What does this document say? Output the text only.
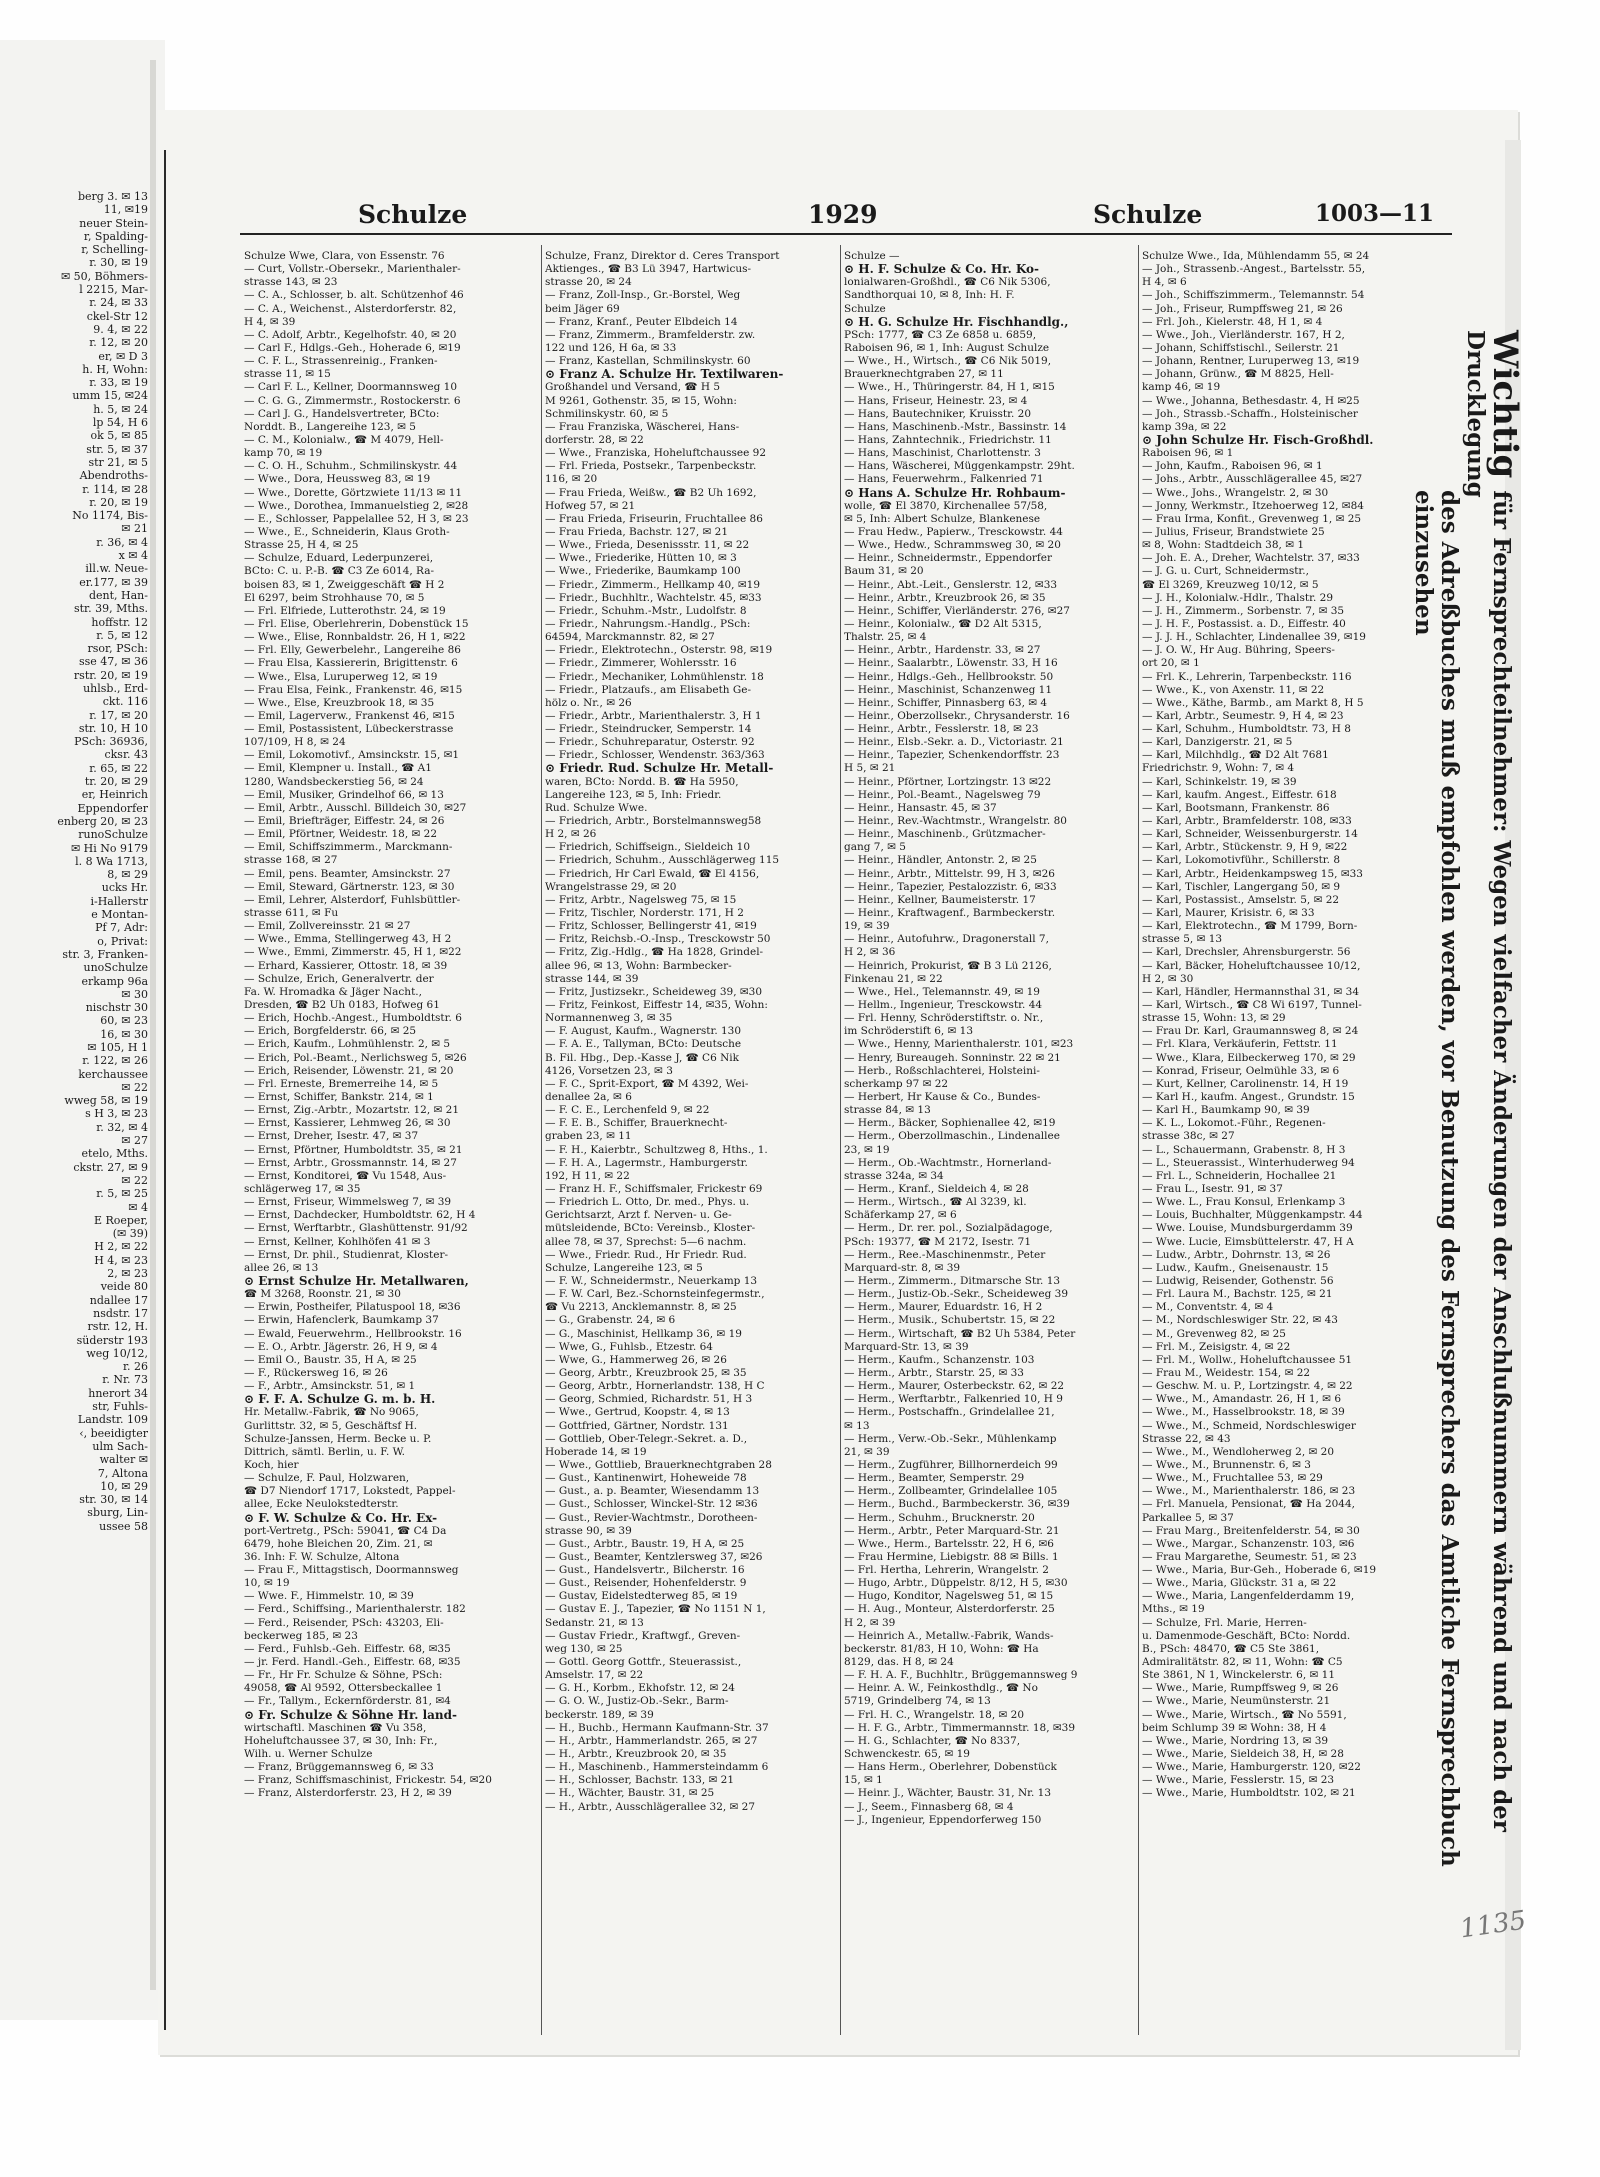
berg 3. ✉ 13
11, ✉19
neuer Stein-
r, Spalding-
r, Schelling-
r. 30, ✉ 19
✉ 50, Böhmers-
l 2215, Mar-
r. 24, ✉ 33
ckel-Str 12
9. 4, ✉ 22
r. 12, ✉ 20
er, ✉ D 3
h. H, Wohn:
r. 33, ✉ 19
umm 15, ✉24
h. 5, ✉ 24
lp 54, H 6
ok 5, ✉ 85
str. 5, ✉ 37
str 21, ✉ 5
Abendroths-
r. 114, ✉ 28
r. 20, ✉ 19
No 1174, Bis-
✉ 21
r. 36, ✉ 4
x ✉ 4
ill.w. Neue-
er.177, ✉ 39
dent, Han-
str. 39, Mths.
hoffstr. 12
r. 5, ✉ 12
rsor, PSch:
sse 47, ✉ 36
rstr. 20, ✉ 19
uhlsb., Erd-
ckt. 116
r. 17, ✉ 20
str. 10, H 10
PSch: 36936,
cksr. 43
r. 65, ✉ 22
tr. 20, ✉ 29
er, Heinrich
Eppendorfer
enberg 20, ✉ 23
runoSchulze
✉ Hi No 9179
l. 8 Wa 1713,
8, ✉ 29
ucks Hr.
i-Hallerstr
e Montan-
Pf 7, Adr:
o, Privat:
str. 3, Franken-
unoSchulze
erkamp 96a
✉ 30
nischstr 30
60, ✉ 23
16, ✉ 30
✉ 105, H 1
r. 122, ✉ 26
kerchaussee
✉ 22
wweg 58, ✉ 19
s H 3, ✉ 23
r. 32, ✉ 4
✉ 27
etelo, Mths.
ckstr. 27, ✉ 9
✉ 22
r. 5, ✉ 25
✉ 4
E Roeper,
(✉ 39)
H 2, ✉ 22
H 4, ✉ 23
2, ✉ 23
veide 80
ndallee 17
nsdstr. 17
rstr. 12, H.
süderstr 193
weg 10/12,
r. 26
r. Nr. 73
hnerort 34
str, Fuhls-
Landstr. 109
‹, beeidigter
ulm Sach-
walter ✉
7, Altona
10, ✉ 29
str. 30, ✉ 14
sburg, Lin-
ussee 58
Schulze	1929	Schulze	1003—11
Schulze Wwe, Clara, von Essenstr. 76
— Curt, Vollstr.-Obersekr., Marienthaler-
strasse 143, ✉ 23
— C. A., Schlosser, b. alt. Schützenhof 46
— C. A., Weichenst., Alsterdorferstr. 82,
H 4, ✉ 39
— C. Adolf, Arbtr., Kegelhofstr. 40, ✉ 20
— Carl F., Hdlgs.-Geh., Hoherade 6, ✉19
— C. F. L., Strassenreinig., Franken-
strasse 11, ✉ 15
— Carl F. L., Kellner, Doormannsweg 10
— C. G. G., Zimmermstr., Rostockerstr. 6
— Carl J. G., Handelsvertreter, BCto:
Norddt. B., Langereihe 123, ✉ 5
— C. M., Kolonialw., ☎ M 4079, Hell-
kamp 70, ✉ 19
— C. O. H., Schuhm., Schmilinskystr. 44
— Wwe., Dora, Heussweg 83, ✉ 19
— Wwe., Dorette, Görtzwiete 11/13 ✉ 11
— Wwe., Dorothea, Immanuelstieg 2, ✉28
— E., Schlosser, Pappelallee 52, H 3, ✉ 23
— Wwe., E., Schneiderin, Klaus Groth-
Strasse 25, H 4, ✉ 25
— Schulze, Eduard, Lederpunzerei,
BCto: C. u. P.-B. ☎ C3 Ze 6014, Ra-
boisen 83, ✉ 1, Zweiggeschäft ☎ H 2
El 6297, beim Strohhause 70, ✉ 5
— Frl. Elfriede, Lutterothstr. 24, ✉ 19
— Frl. Elise, Oberlehrerin, Dobenstück 15
— Wwe., Elise, Ronnbaldstr. 26, H 1, ✉22
— Frl. Elly, Gewerbelehr., Langereihe 86
— Frau Elsa, Kassiererin, Brigittenstr. 6
— Wwe., Elsa, Luruperweg 12, ✉ 19
— Frau Elsa, Feink., Frankenstr. 46, ✉15
— Wwe., Else, Kreuzbrook 18, ✉ 35
— Emil, Lagerverw., Frankenst 46, ✉15
— Emil, Postassistent, Lübeckerstrasse
107/109, H 8, ✉ 24
— Emil, Lokomotivf., Amsinckstr. 15, ✉1
— Emil, Klempner u. Install., ☎ A1
1280, Wandsbeckerstieg 56, ✉ 24
— Emil, Musiker, Grindelhof 66, ✉ 13
— Emil, Arbtr., Ausschl. Billdeich 30, ✉27
— Emil, Briefträger, Eiffestr. 24, ✉ 26
— Emil, Pförtner, Weidestr. 18, ✉ 22
— Emil, Schiffszimmerm., Marckmann-
strasse 168, ✉ 27
— Emil, pens. Beamter, Amsinckstr. 27
— Emil, Steward, Gärtnerstr. 123, ✉ 30
— Emil, Lehrer, Alsterdorf, Fuhlsbüttler-
strasse 611, ✉ Fu
— Emil, Zollvereinsstr. 21 ✉ 27
— Wwe., Emma, Stellingerweg 43, H 2
— Wwe., Emmi, Zimmerstr. 45, H 1, ✉22
— Erhard, Kassierer, Ottostr. 18, ✉ 39
— Schulze, Erich, Generalvertr. der
Fa. W. Hromadka & Jäger Nacht.,
Dresden, ☎ B2 Uh 0183, Hofweg 61
— Erich, Hochb.-Angest., Humboldtstr. 6
— Erich, Borgfelderstr. 66, ✉ 25
— Erich, Kaufm., Lohmühlenstr. 2, ✉ 5
— Erich, Pol.-Beamt., Nerlichsweg 5, ✉26
— Erich, Reisender, Löwenstr. 21, ✉ 20
— Frl. Erneste, Bremerreihe 14, ✉ 5
— Ernst, Schiffer, Bankstr. 214, ✉ 1
— Ernst, Zig.-Arbtr., Mozartstr. 12, ✉ 21
— Ernst, Kassierer, Lehmweg 26, ✉ 30
— Ernst, Dreher, Isestr. 47, ✉ 37
— Ernst, Pförtner, Humboldtstr. 35, ✉ 21
— Ernst, Arbtr., Grossmannstr. 14, ✉ 27
— Ernst, Konditorei, ☎ Vu 1548, Aus-
schlägerweg 17, ✉ 35
— Ernst, Friseur, Wimmelsweg 7, ✉ 39
— Ernst, Dachdecker, Humboldtstr. 62, H 4
— Ernst, Werftarbtr., Glashüttenstr. 91/92
— Ernst, Kellner, Kohlhöfen 41 ✉ 3
— Ernst, Dr. phil., Studienrat, Kloster-
allee 26, ✉ 13
⊙ Ernst Schulze Hr. Metallwaren,
☎ M 3268, Roonstr. 21, ✉ 30
— Erwin, Postheifer, Pilatuspool 18, ✉36
— Erwin, Hafenclerk, Baumkamp 37
— Ewald, Feuerwehrm., Hellbrookstr. 16
— E. O., Arbtr. Jägerstr. 26, H 9, ✉ 4
— Emil O., Baustr. 35, H A, ✉ 25
— F., Rückersweg 16, ✉ 26
— F., Arbtr., Amsinckstr. 51, ✉ 1
⊙ F. F. A. Schulze G. m. b. H.
Hr. Metallw.-Fabrik, ☎ No 9065,
Gurlittstr. 32, ✉ 5, Geschäftsf H.
Schulze-Janssen, Herm. Becke u. P.
Dittrich, sämtl. Berlin, u. F. W.
Koch, hier
— Schulze, F. Paul, Holzwaren,
☎ D7 Niendorf 1717, Lokstedt, Pappel-
allee, Ecke Neulokstedterstr.
⊙ F. W. Schulze & Co. Hr. Ex-
port-Vertretg., PSch: 59041, ☎ C4 Da
6479, hohe Bleichen 20, Zim. 21, ✉
36. Inh: F. W. Schulze, Altona
— Frau F., Mittagstisch, Doormannsweg
10, ✉ 19
— Wwe. F., Himmelstr. 10, ✉ 39
— Ferd., Schiffsing., Marienthalerstr. 182
— Ferd., Reisender, PSch: 43203, Eli-
beckerweg 185, ✉ 23
— Ferd., Fuhlsb.-Geh. Eiffestr. 68, ✉35
— jr. Ferd. Handl.-Geh., Eiffestr. 68, ✉35
— Fr., Hr Fr. Schulze & Söhne, PSch:
49058, ☎ Al 9592, Ottersbeckallee 1
— Fr., Tallym., Eckernförderstr. 81, ✉4
⊙ Fr. Schulze & Söhne Hr. land-
wirtschaftl. Maschinen ☎ Vu 358,
Hoheluftchaussee 37, ✉ 30, Inh: Fr.,
Wilh. u. Werner Schulze
— Franz, Brüggemannsweg 6, ✉ 33
— Franz, Schiffsmaschinist, Frickestr. 54, ✉20
— Franz, Alsterdorferstr. 23, H 2, ✉ 39
Schulze, Franz, Direktor d. Ceres Transport
Aktienges., ☎ B3 Lü 3947, Hartwicus-
strasse 20, ✉ 24
— Franz, Zoll-Insp., Gr.-Borstel, Weg
beim Jäger 69
— Franz, Kranf., Peuter Elbdeich 14
— Franz, Zimmerm., Bramfelderstr. zw.
122 und 126, H 6a, ✉ 33
— Franz, Kastellan, Schmilinskystr. 60
⊙ Franz A. Schulze Hr. Textilwaren-
Großhandel und Versand, ☎ H 5
M 9261, Gothenstr. 35, ✉ 15, Wohn:
Schmilinskystr. 60, ✉ 5
— Frau Franziska, Wäscherei, Hans-
dorferstr. 28, ✉ 22
— Wwe., Franziska, Hoheluftchaussee 92
— Frl. Frieda, Postsekr., Tarpenbeckstr.
116, ✉ 20
— Frau Frieda, Weißw., ☎ B2 Uh 1692,
Hofweg 57, ✉ 21
— Frau Frieda, Friseurin, Fruchtallee 86
— Frau Frieda, Bachstr. 127, ✉ 21
— Wwe., Frieda, Desenissstr. 11, ✉ 22
— Wwe., Friederike, Hütten 10, ✉ 3
— Wwe., Friederike, Baumkamp 100
— Friedr., Zimmerm., Hellkamp 40, ✉19
— Friedr., Buchhltr., Wachtelstr. 45, ✉33
— Friedr., Schuhm.-Mstr., Ludolfstr. 8
— Friedr., Nahrungsm.-Handlg., PSch:
64594, Marckmannstr. 82, ✉ 27
— Friedr., Elektrotechn., Osterstr. 98, ✉19
— Friedr., Zimmerer, Wohlersstr. 16
— Friedr., Mechaniker, Lohmühlenstr. 18
— Friedr., Platzaufs., am Elisabeth Ge-
hölz o. Nr., ✉ 26
— Friedr., Arbtr., Marienthalerstr. 3, H 1
— Friedr., Steindrucker, Semperstr. 14
— Friedr., Schuhreparatur, Osterstr. 92
— Friedr., Schlosser, Wendenstr. 363/363
⊙ Friedr. Rud. Schulze Hr. Metall-
waren, BCto: Nordd. B. ☎ Ha 5950,
Langereihe 123, ✉ 5, Inh: Friedr.
Rud. Schulze Wwe.
— Friedrich, Arbtr., Borstelmannsweg58
H 2, ✉ 26
— Friedrich, Schiffseign., Sieldeich 10
— Friedrich, Schuhm., Ausschlägerweg 115
— Friedrich, Hr Carl Ewald, ☎ El 4156,
Wrangelstrasse 29, ✉ 20
— Fritz, Arbtr., Nagelsweg 75, ✉ 15
— Fritz, Tischler, Norderstr. 171, H 2
— Fritz, Schlosser, Bellingerstr 41, ✉19
— Fritz, Reichsb.-O.-Insp., Tresckowstr 50
— Fritz, Zig.-Hdlg., ☎ Ha 1828, Grindel-
allee 96, ✉ 13, Wohn: Barmbecker-
strasse 144, ✉ 39
— Fritz, Justizsekr., Scheideweg 39, ✉30
— Fritz, Feinkost, Eiffestr 14, ✉35, Wohn:
Normannenweg 3, ✉ 35
— F. August, Kaufm., Wagnerstr. 130
— F. A. E., Tallyman, BCto: Deutsche
B. Fil. Hbg., Dep.-Kasse J, ☎ C6 Nik
4126, Vorsetzen 23, ✉ 3
— F. C., Sprit-Export, ☎ M 4392, Wei-
denallee 2a, ✉ 6
— F. C. E., Lerchenfeld 9, ✉ 22
— F. E. B., Schiffer, Brauerknecht-
graben 23, ✉ 11
— F. H., Kaierbtr., Schultzweg 8, Hths., 1.
— F. H. A., Lagermstr., Hamburgerstr.
192, H 11, ✉ 22
— Franz H. F., Schiffsmaler, Frickestr 69
— Friedrich L. Otto, Dr. med., Phys. u.
Gerichtsarzt, Arzt f. Nerven- u. Ge-
mütsleidende, BCto: Vereinsb., Kloster-
allee 78, ✉ 37, Sprechst: 5—6 nachm.
— Wwe., Friedr. Rud., Hr Friedr. Rud.
Schulze, Langereihe 123, ✉ 5
— F. W., Schneidermstr., Neuerkamp 13
— F. W. Carl, Bez.-Schornsteinfegermstr.,
☎ Vu 2213, Ancklemannstr. 8, ✉ 25
— G., Grabenstr. 24, ✉ 6
— G., Maschinist, Hellkamp 36, ✉ 19
— Wwe, G., Fuhlsb., Etzestr. 64
— Wwe, G., Hammerweg 26, ✉ 26
— Georg, Arbtr., Kreuzbrook 25, ✉ 35
— Georg, Arbtr., Hornerlandstr. 138, H C
— Georg, Schmied, Richardstr. 51, H 3
— Wwe., Gertrud, Koopstr. 4, ✉ 13
— Gottfried, Gärtner, Nordstr. 131
— Gottlieb, Ober-Telegr.-Sekret. a. D.,
Hoberade 14, ✉ 19
— Wwe., Gottlieb, Brauerknechtgraben 28
— Gust., Kantinenwirt, Hoheweide 78
— Gust., a. p. Beamter, Wiesendamm 13
— Gust., Schlosser, Winckel-Str. 12 ✉36
— Gust., Revier-Wachtmstr., Dorotheen-
strasse 90, ✉ 39
— Gust., Arbtr., Baustr. 19, H A, ✉ 25
— Gust., Beamter, Kentzlersweg 37, ✉26
— Gust., Handelsvertr., Bilcherstr. 16
— Gust., Reisender, Hohenfelderstr. 9
— Gustav, Eidelstedterweg 85, ✉ 19
— Gustav E. J., Tapezier, ☎ No 1151 N 1,
Sedanstr. 21, ✉ 13
— Gustav Friedr., Kraftwgf., Greven-
weg 130, ✉ 25
— Gottl. Georg Gottfr., Steuerassist.,
Amselstr. 17, ✉ 22
— G. H., Korbm., Ekhofstr. 12, ✉ 24
— G. O. W., Justiz-Ob.-Sekr., Barm-
beckerstr. 189, ✉ 39
— H., Buchb., Hermann Kaufmann-Str. 37
— H., Arbtr., Hammerlandstr. 265, ✉ 27
— H., Arbtr., Kreuzbrook 20, ✉ 35
— H., Maschinenb., Hammersteindamm 6
— H., Schlosser, Bachstr. 133, ✉ 21
— H., Wächter, Baustr. 31, ✉ 25
— H., Arbtr., Ausschlägerallee 32, ✉ 27
Schulze —
⊙ H. F. Schulze & Co. Hr. Ko-
lonialwaren-Großhdl., ☎ C6 Nik 5306,
Sandthorquai 10, ✉ 8, Inh: H. F.
Schulze
⊙ H. G. Schulze Hr. Fischhandlg.,
PSch: 1777, ☎ C3 Ze 6858 u. 6859,
Raboisen 96, ✉ 1, Inh: August Schulze
— Wwe., H., Wirtsch., ☎ C6 Nik 5019,
Brauerknechtgraben 27, ✉ 11
— Wwe., H., Thüringerstr. 84, H 1, ✉15
— Hans, Friseur, Heinestr. 23, ✉ 4
— Hans, Bautechniker, Kruisstr. 20
— Hans, Maschinenb.-Mstr., Bassinstr. 14
— Hans, Zahntechnik., Friedrichstr. 11
— Hans, Maschinist, Charlottenstr. 3
— Hans, Wäscherei, Müggenkampstr. 29ht.
— Hans, Feuerwehrm., Falkenried 71
⊙ Hans A. Schulze Hr. Rohbaum-
wolle, ☎ El 3870, Kirchenallee 57/58,
✉ 5, Inh: Albert Schulze, Blankenese
— Frau Hedw., Papierw., Tresckowstr. 44
— Wwe., Hedw., Schrammsweg 30, ✉ 20
— Heinr., Schneidermstr., Eppendorfer
Baum 31, ✉ 20
— Heinr., Abt.-Leit., Genslerstr. 12, ✉33
— Heinr., Arbtr., Kreuzbrook 26, ✉ 35
— Heinr., Schiffer, Vierländerstr. 276, ✉27
— Heinr., Kolonialw., ☎ D2 Alt 5315,
Thalstr. 25, ✉ 4
— Heinr., Arbtr., Hardenstr. 33, ✉ 27
— Heinr., Saalarbtr., Löwenstr. 33, H 16
— Heinr., Hdlgs.-Geh., Hellbrookstr. 50
— Heinr., Maschinist, Schanzenweg 11
— Heinr., Schiffer, Pinnasberg 63, ✉ 4
— Heinr., Oberzollsekr., Chrysanderstr. 16
— Heinr., Arbtr., Fesslerstr. 18, ✉ 23
— Heinr., Elsb.-Sekr. a. D., Victoriastr. 21
— Heinr., Tapezier, Schenkendorffstr. 23
H 5, ✉ 21
— Heinr., Pförtner, Lortzingstr. 13 ✉22
— Heinr., Pol.-Beamt., Nagelsweg 79
— Heinr., Hansastr. 45, ✉ 37
— Heinr., Rev.-Wachtmstr., Wrangelstr. 80
— Heinr., Maschinenb., Grützmacher-
gang 7, ✉ 5
— Heinr., Händler, Antonstr. 2, ✉ 25
— Heinr., Arbtr., Mittelstr. 99, H 3, ✉26
— Heinr., Tapezier, Pestalozzistr. 6, ✉33
— Heinr., Kellner, Baumeisterstr. 17
— Heinr., Kraftwagenf., Barmbeckerstr.
19, ✉ 39
— Heinr., Autofuhrw., Dragonerstall 7,
H 2, ✉ 36
— Heinrich, Prokurist, ☎ B 3 Lü 2126,
Finkenau 21, ✉ 22
— Wwe., Hel., Telemannstr. 49, ✉ 19
— Hellm., Ingenieur, Tresckowstr. 44
— Frl. Henny, Schröderstiftstr. o. Nr.,
im Schröderstift 6, ✉ 13
— Wwe., Henny, Marienthalerstr. 101, ✉23
— Henry, Bureaugeh. Sonninstr. 22 ✉ 21
— Herb., Roßschlachterei, Holsteini-
scherkamp 97 ✉ 22
— Herbert, Hr Kause & Co., Bundes-
strasse 84, ✉ 13
— Herm., Bäcker, Sophienallee 42, ✉19
— Herm., Oberzollmaschin., Lindenallee
23, ✉ 19
— Herm., Ob.-Wachtmstr., Hornerland-
strasse 324a, ✉ 34
— Herm., Kranf., Sieldeich 4, ✉ 28
— Herm., Wirtsch., ☎ Al 3239, kl.
Schäferkamp 27, ✉ 6
— Herm., Dr. rer. pol., Sozialpädagoge,
PSch: 19377, ☎ M 2172, Isestr. 71
— Herm., Ree.-Maschinenmstr., Peter
Marquard-str. 8, ✉ 39
— Herm., Zimmerm., Ditmarsche Str. 13
— Herm., Justiz-Ob.-Sekr., Scheideweg 39
— Herm., Maurer, Eduardstr. 16, H 2
— Herm., Musik., Schubertstr. 15, ✉ 22
— Herm., Wirtschaft, ☎ B2 Uh 5384, Peter
Marquard-Str. 13, ✉ 39
— Herm., Kaufm., Schanzenstr. 103
— Herm., Arbtr., Starstr. 25, ✉ 33
— Herm., Maurer, Osterbeckstr. 62, ✉ 22
— Herm., Werftarbtr., Falkenried 10, H 9
— Herm., Postschaffn., Grindelallee 21,
✉ 13
— Herm., Verw.-Ob.-Sekr., Mühlenkamp
21, ✉ 39
— Herm., Zugführer, Billhornerdeich 99
— Herm., Beamter, Semperstr. 29
— Herm., Zollbeamter, Grindelallee 105
— Herm., Buchd., Barmbeckerstr. 36, ✉39
— Herm., Schuhm., Brucknerstr. 20
— Herm., Arbtr., Peter Marquard-Str. 21
— Wwe., Herm., Bartelsstr. 22, H 6, ✉6
— Frau Hermine, Liebigstr. 88 ✉ Bills. 1
— Frl. Hertha, Lehrerin, Wrangelstr. 2
— Hugo, Arbtr., Düppelstr. 8/12, H 5, ✉30
— Hugo, Konditor, Nagelsweg 51, ✉ 15
— H. Aug., Monteur, Alsterdorferstr. 25
H 2, ✉ 39
— Heinrich A., Metallw.-Fabrik, Wands-
beckerstr. 81/83, H 10, Wohn: ☎ Ha
8129, das. H 8, ✉ 24
— F. H. A. F., Buchhltr., Brüggemannsweg 9
— Heinr. A. W., Feinkosthdlg., ☎ No
5719, Grindelberg 74, ✉ 13
— Frl. H. C., Wrangelstr. 18, ✉ 20
— H. F. G., Arbtr., Timmermannstr. 18, ✉39
— H. G., Schlachter, ☎ No 8337,
Schwenckestr. 65, ✉ 19
— Hans Herm., Oberlehrer, Dobenstück
15, ✉ 1
— Heinr. J., Wächter, Baustr. 31, Nr. 13
— J., Seem., Finnasberg 68, ✉ 4
— J., Ingenieur, Eppendorferweg 150
Schulze Wwe., Ida, Mühlendamm 55, ✉ 24
— Joh., Strassenb.-Angest., Bartelsstr. 55,
H 4, ✉ 6
— Joh., Schiffszimmerm., Telemannstr. 54
— Joh., Friseur, Rumpffsweg 21, ✉ 26
— Frl. Joh., Kielerstr. 48, H 1, ✉ 4
— Wwe., Joh., Vierländerstr. 167, H 2,
— Johann, Schiffstischl., Seilerstr. 21
— Johann, Rentner, Luruperweg 13, ✉19
— Johann, Grünw., ☎ M 8825, Hell-
kamp 46, ✉ 19
— Wwe., Johanna, Bethesdastr. 4, H ✉25
— Joh., Strassb.-Schaffn., Holsteinischer
kamp 39a, ✉ 22
⊙ John Schulze Hr. Fisch-Großhdl.
Raboisen 96, ✉ 1
— John, Kaufm., Raboisen 96, ✉ 1
— Johs., Arbtr., Ausschlägerallee 45, ✉27
— Wwe., Johs., Wrangelstr. 2, ✉ 30
— Jonny, Werkmstr., Itzehoerweg 12, ✉84
— Frau Irma, Konfit., Grevenweg 1, ✉ 25
— Julius, Friseur, Brandstwiete 25
✉ 8, Wohn: Stadtdeich 38, ✉ 1
— Joh. E. A., Dreher, Wachtelstr. 37, ✉33
— J. G. u. Curt, Schneidermstr.,
☎ El 3269, Kreuzweg 10/12, ✉ 5
— J. H., Kolonialw.-Hdlr., Thalstr. 29
— J. H., Zimmerm., Sorbenstr. 7, ✉ 35
— J. H. F., Postassist. a. D., Eiffestr. 40
— J. J. H., Schlachter, Lindenallee 39, ✉19
— J. O. W., Hr Aug. Bühring, Speers-
ort 20, ✉ 1
— Frl. K., Lehrerin, Tarpenbeckstr. 116
— Wwe., K., von Axenstr. 11, ✉ 22
— Wwe., Käthe, Barmb., am Markt 8, H 5
— Karl, Arbtr., Seumestr. 9, H 4, ✉ 23
— Karl, Schuhm., Humboldtstr. 73, H 8
— Karl, Danzigerstr. 21, ✉ 5
— Karl, Milchhdlg., ☎ D2 Alt 7681
Friedrichstr. 9, Wohn: 7, ✉ 4
— Karl, Schinkelstr. 19, ✉ 39
— Karl, kaufm. Angest., Eiffestr. 618
— Karl, Bootsmann, Frankenstr. 86
— Karl, Arbtr., Bramfelderstr. 108, ✉33
— Karl, Schneider, Weissenburgerstr. 14
— Karl, Arbtr., Stückenstr. 9, H 9, ✉22
— Karl, Lokomotivführ., Schillerstr. 8
— Karl, Arbtr., Heidenkampsweg 15, ✉33
— Karl, Tischler, Langergang 50, ✉ 9
— Karl, Postassist., Amselstr. 5, ✉ 22
— Karl, Maurer, Krisistr. 6, ✉ 33
— Karl, Elektrotechn., ☎ M 1799, Born-
strasse 5, ✉ 13
— Karl, Drechsler, Ahrensburgerstr. 56
— Karl, Bäcker, Hoheluftchaussee 10/12,
H 2, ✉ 30
— Karl, Händler, Hermannsthal 31, ✉ 34
— Karl, Wirtsch., ☎ C8 Wi 6197, Tunnel-
strasse 15, Wohn: 13, ✉ 29
— Frau Dr. Karl, Graumannsweg 8, ✉ 24
— Frl. Klara, Verkäuferin, Fettstr. 11
— Wwe., Klara, Eilbeckerweg 170, ✉ 29
— Konrad, Friseur, Oelmühle 33, ✉ 6
— Kurt, Kellner, Carolinenstr. 14, H 19
— Karl H., kaufm. Angest., Grundstr. 15
— Karl H., Baumkamp 90, ✉ 39
— K. L., Lokomot.-Führ., Regenen-
strasse 38c, ✉ 27
— L., Schauermann, Grabenstr. 8, H 3
— L., Steuerassist., Winterhuderweg 94
— Frl. L., Schneiderin, Hochallee 21
— Frau L., Isestr. 91, ✉ 37
— Wwe. L., Frau Konsul, Erlenkamp 3
— Louis, Buchhalter, Müggenkampstr. 44
— Wwe. Louise, Mundsburgerdamm 39
— Wwe. Lucie, Eimsbüttelerstr. 47, H A
— Ludw., Arbtr., Dohrnstr. 13, ✉ 26
— Ludw., Kaufm., Gneisenaustr. 15
— Ludwig, Reisender, Gothenstr. 56
— Frl. Laura M., Bachstr. 125, ✉ 21
— M., Conventstr. 4, ✉ 4
— M., Nordschleswiger Str. 22, ✉ 43
— M., Grevenweg 82, ✉ 25
— Frl. M., Zeisigstr. 4, ✉ 22
— Frl. M., Wollw., Hoheluftchaussee 51
— Frau M., Weidestr. 154, ✉ 22
— Geschw. M. u. P., Lortzingstr. 4, ✉ 22
— Wwe., M., Amandastr. 26, H 1, ✉ 6
— Wwe., M., Hasselbrookstr. 18, ✉ 39
— Wwe., M., Schmeid, Nordschleswiger
Strasse 22, ✉ 43
— Wwe., M., Wendloherweg 2, ✉ 20
— Wwe., M., Brunnenstr. 6, ✉ 3
— Wwe., M., Fruchtallee 53, ✉ 29
— Wwe., M., Marienthalerstr. 186, ✉ 23
— Frl. Manuela, Pensionat, ☎ Ha 2044,
Parkallee 5, ✉ 37
— Frau Marg., Breitenfelderstr. 54, ✉ 30
— Wwe., Margar., Schanzenstr. 103, ✉6
— Frau Margarethe, Seumestr. 51, ✉ 23
— Wwe., Maria, Bur-Geh., Hoberade 6, ✉19
— Wwe., Maria, Glückstr. 31 a, ✉ 22
— Wwe., Maria, Langenfelderdamm 19,
Mths., ✉ 19
— Schulze, Frl. Marie, Herren-
u. Damenmode-Geschäft, BCto: Nordd.
B., PSch: 48470, ☎ C5 Ste 3861,
Admiralitätstr. 82, ✉ 11, Wohn: ☎ C5
Ste 3861, N 1, Winckelerstr. 6, ✉ 11
— Wwe., Marie, Rumpffsweg 9, ✉ 26
— Wwe., Marie, Neumünsterstr. 21
— Wwe., Marie, Wirtsch., ☎ No 5591,
beim Schlump 39 ✉ Wohn: 38, H 4
— Wwe., Marie, Nordring 13, ✉ 39
— Wwe., Marie, Sieldeich 38, H, ✉ 28
— Wwe., Marie, Hamburgerstr. 120, ✉22
— Wwe., Marie, Fesslerstr. 15, ✉ 23
— Wwe., Marie, Humboldtstr. 102, ✉ 21
Wichtigfür Fernsprechteilnehmer: Wegen vielfacher Änderungen der Anschlußnummern während und nach der Drucklegung
des Adreßbuches muß empfohlen werden, vor Benutzung des Fernsprechers das Amtliche Fernsprechbuch einzusehen
1135
